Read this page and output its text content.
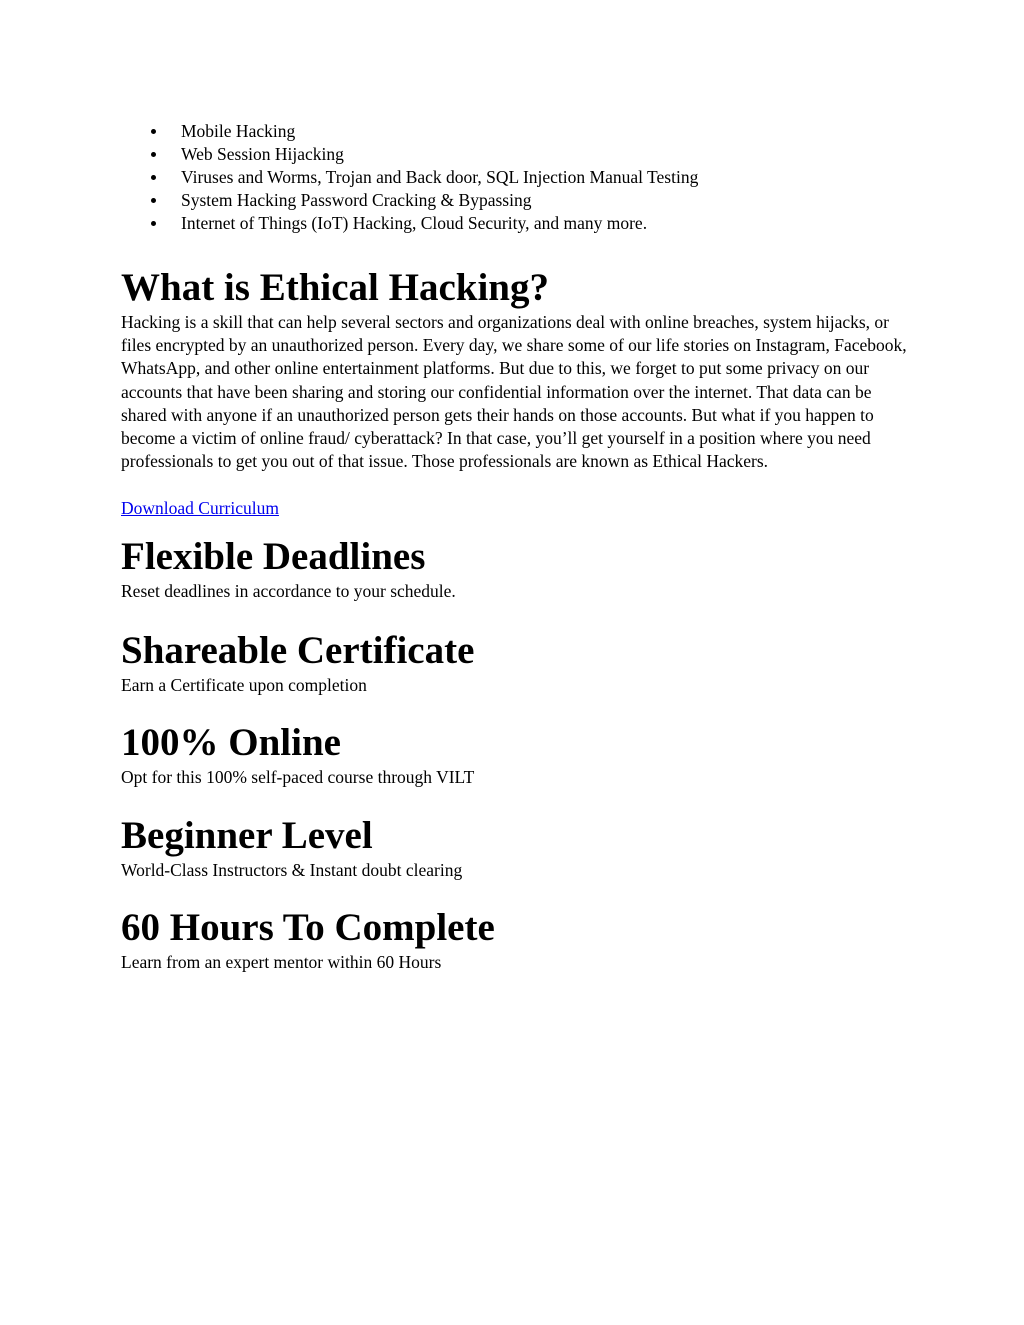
Mobile Hacking
Web Session Hijacking
Viruses and Worms, Trojan and Back door, SQL Injection Manual Testing
System Hacking Password Cracking & Bypassing
Internet of Things (IoT) Hacking, Cloud Security, and many more.
What is Ethical Hacking?

Hacking is a skill that can help several sectors and organizations deal with online breaches, system hijacks, or files encrypted by an unauthorized person. Every day, we share some of our life stories on Instagram, Facebook, WhatsApp, and other online entertainment platforms. But due to this, we forget to put some privacy on our accounts that have been sharing and storing our confidential information over the internet. That data can be shared with anyone if an unauthorized person gets their hands on those accounts. But what if you happen to become a victim of online fraud/ cyberattack? In that case, you’ll get yourself in a position where you need professionals to get you out of that issue. Those professionals are known as Ethical Hackers.

Download Curriculum
Flexible Deadlines

Reset deadlines in accordance to your schedule.

Shareable Certificate

Earn a Certificate upon completion

100% Online

Opt for this 100% self-paced course through VILT

Beginner Level

World-Class Instructors & Instant doubt clearing

60 Hours To Complete

Learn from an expert mentor within 60 Hours
